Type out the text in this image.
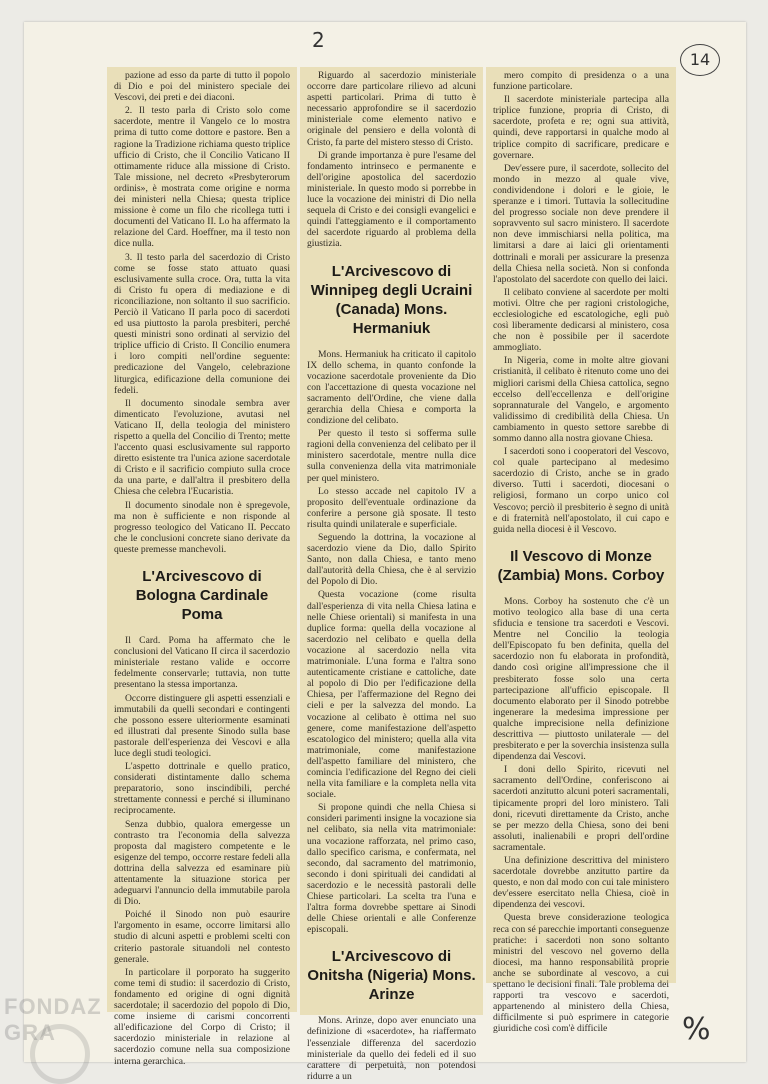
2
14
%

pazione ad esso da parte di tutto il popolo di Dio e poi del ministero speciale dei Vescovi, dei preti e dei diaconi.

2. Il testo parla di Cristo solo come sacerdote, mentre il Vangelo ce lo mostra prima di tutto come dottore e pastore. Ben a ragione la Tradizione richiama questo triplice ufficio di Cristo, che il Concilio Vaticano II ottimamente riduce alla missione di Cristo. Tale missione, nel decreto «Presbyterorum ordinis», è mostrata come origine e norma dei ministeri nella Chiesa; questa triplice missione è come un filo che ricollega tutti i documenti del Vaticano II. Lo ha affermato la relazione del Card. Hoeffner, ma il testo non dice nulla.

3. Il testo parla del sacerdozio di Cristo come se fosse stato attuato quasi esclusivamente sulla croce. Ora, tutta la vita di Cristo fu opera di mediazione e di riconciliazione, non soltanto il suo sacrificio. Perciò il Vaticano II parla poco di sacerdoti ed usa piuttosto la parola presbiteri, perché questi ministri sono ordinati al servizio del triplice ufficio di Cristo. Il Concilio enumera i loro compiti nell'ordine seguente: predicazione del Vangelo, celebrazione liturgica, edificazione della comunione dei fedeli.

Il documento sinodale sembra aver dimenticato l'evoluzione, avutasi nel Vaticano II, della teologia del ministero rispetto a quella del Concilio di Trento; mette l'accento quasi esclusivamente sul rapporto diretto esistente tra l'unica azione sacerdotale di Cristo e il sacrificio compiuto sulla croce da una parte, e dall'altra il presbitero della Chiesa che celebra l'Eucaristia.

Il documento sinodale non è spregevole, ma non è sufficiente e non risponde al progresso teologico del Vaticano II. Peccato che le conclusioni concrete siano derivate da queste premesse manchevoli.

L'Arcivescovo di Bologna Cardinale Poma

Il Card. Poma ha affermato che le conclusioni del Vaticano II circa il sacerdozio ministeriale restano valide e occorre fedelmente conservarle; tuttavia, non tutte presentano la stessa importanza.

Occorre distinguere gli aspetti essenziali e immutabili da quelli secondari e contingenti che possono essere ulteriormente esaminati ed illustrati dal presente Sinodo sulla base pastorale dell'esperienza dei Vescovi e alla luce degli studi teologici.

L'aspetto dottrinale e quello pratico, considerati distintamente dallo schema preparatorio, sono inscindibili, perché strettamente connessi e perché si illuminano reciprocamente.

Senza dubbio, qualora emergesse un contrasto tra l'economia della salvezza proposta dal magistero competente e le esigenze del tempo, occorre restare fedeli alla dottrina della salvezza ed esaminare più attentamente la situazione storica per adeguarvi l'annuncio della immutabile parola di Dio.

Poiché il Sinodo non può esaurire l'argomento in esame, occorre limitarsi allo studio di alcuni aspetti e problemi scelti con criterio pastorale situandoli nel contesto generale.

In particolare il porporato ha suggerito come temi di studio: il sacerdozio di Cristo, fondamento ed origine di ogni dignità sacerdotale; il sacerdozio del popolo di Dio, come insieme di carismi concorrenti all'edificazione del Corpo di Cristo; il sacerdozio ministeriale in relazione al sacerdozio comune nella sua composizione interna gerarchica.

Riguardo al sacerdozio ministeriale occorre dare particolare rilievo ad alcuni aspetti particolari. Prima di tutto è necessario approfondire se il sacerdozio ministeriale come elemento nativo e originale del pensiero e della volontà di Cristo, fa parte del mistero stesso di Cristo.

Di grande importanza è pure l'esame del fondamento intrinseco e permanente e dell'origine apostolica del sacerdozio ministeriale. In questo modo si porrebbe in luce la vocazione dei ministri di Dio nella sequela di Cristo e dei consigli evangelici e quindi l'atteggiamento e il comportamento del sacerdote riguardo al problema della giustizia.

L'Arcivescovo di Winnipeg degli Ucraini (Canada) Mons. Hermaniuk

Mons. Hermaniuk ha criticato il capitolo IX dello schema, in quanto confonde la vocazione sacerdotale proveniente da Dio con l'accettazione di questa vocazione nel sacramento dell'Ordine, che viene dalla gerarchia della Chiesa e comporta la condizione del celibato.

Per questo il testo si sofferma sulle ragioni della convenienza del celibato per il ministero sacerdotale, mentre nulla dice sulla convenienza della vita matrimoniale per quel ministero.

Lo stesso accade nel capitolo IV a proposito dell'eventuale ordinazione da conferire a persone già sposate. Il testo risulta quindi unilaterale e superficiale.

Seguendo la dottrina, la vocazione al sacerdozio viene da Dio, dallo Spirito Santo, non dalla Chiesa, e tanto meno dall'autorità della Chiesa, che è al servizio del Popolo di Dio.

Questa vocazione (come risulta dall'esperienza di vita nella Chiesa latina e nelle Chiese orientali) si manifesta in una duplice forma: quella della vocazione al sacerdozio nel celibato e quella della vocazione al sacerdozio nella vita matrimoniale. L'una forma e l'altra sono autenticamente cristiane e cattoliche, date al popolo di Dio per l'edificazione della Chiesa, per l'affermazione del Regno dei cieli e per la salvezza del mondo. La vocazione al celibato è ottima nel suo genere, come manifestazione dell'aspetto escatologico del ministero; quella alla vita matrimoniale, come manifestazione dell'aspetto familiare del ministero, che comincia l'edificazione del Regno dei cieli nella vita familiare e la completa nella vita sociale.

Si propone quindi che nella Chiesa si consideri parimenti insigne la vocazione sia nel celibato, sia nella vita matrimoniale: una vocazione rafforzata, nel primo caso, dallo specifico carisma, e confermata, nel secondo, dal sacramento del matrimonio, secondo i doni spirituali dei candidati al sacerdozio e le necessità pastorali delle Chiese particolari. La scelta tra l'una e l'altra forma dovrebbe spettare ai Sinodi delle Chiese orientali e alle Conferenze episcopali.

L'Arcivescovo di Onitsha (Nigeria) Mons. Arinze

Mons. Arinze, dopo aver enunciato una definizione di «sacerdote», ha riaffermato l'essenziale differenza del sacerdozio ministeriale da quello dei fedeli ed il suo carattere di perpetuità, non potendosi ridurre a un

mero compito di presidenza o a una funzione particolare.

Il sacerdote ministeriale partecipa alla triplice funzione, propria di Cristo, di sacerdote, profeta e re; ogni sua attività, quindi, deve rapportarsi in qualche modo al triplice compito di sacrificare, predicare e governare.

Dev'essere pure, il sacerdote, sollecito del mondo in mezzo al quale vive, condividendone i dolori e le gioie, le speranze e i timori. Tuttavia la sollecitudine del progresso sociale non deve prendere il sopravvento sul sacro ministero. Il sacerdote non deve immischiarsi nella politica, ma limitarsi a dare ai laici gli orientamenti dottrinali e morali per assicurare la presenza della Chiesa nella società. Non si confonda l'apostolato del sacerdote con quello dei laici.

Il celibato conviene al sacerdote per molti motivi. Oltre che per ragioni cristologiche, ecclesiologiche ed escatologiche, egli può così liberamente dedicarsi al ministero, cosa che non è possibile per il sacerdote ammogliato.

In Nigeria, come in molte altre giovani cristianità, il celibato è ritenuto come uno dei migliori carismi della Chiesa cattolica, segno eccelso dell'eccellenza e dell'origine soprannaturale del Vangelo, e argomento validissimo di credibilità della Chiesa. Un cambiamento in questo settore sarebbe di sommo danno alla nostra giovane Chiesa.

I sacerdoti sono i cooperatori del Vescovo, col quale partecipano al medesimo sacerdozio di Cristo, anche se in grado diverso. Tutti i sacerdoti, diocesani o religiosi, formano un corpo unico col Vescovo; perciò il presbiterio è segno di unità e di fraternità nell'apostolato, il cui capo e guida nella diocesi è il Vescovo.

Il Vescovo di Monze (Zambia) Mons. Corboy

Mons. Corboy ha sostenuto che c'è un motivo teologico alla base di una certa sfiducia e tensione tra sacerdoti e Vescovi. Mentre nel Concilio la teologia dell'Episcopato fu ben definita, quella del sacerdozio non fu elaborata in profondità, dando così origine all'impressione che il presbiterato fosse solo una certa partecipazione all'ufficio episcopale. Il documento elaborato per il Sinodo potrebbe ingenerare la medesima impressione per qualche imprecisione nella definizione descrittiva — piuttosto unilaterale — del presbiterato e per la soverchia insistenza sulla dipendenza dai Vescovi.

I doni dello Spirito, ricevuti nel sacramento dell'Ordine, conferiscono ai sacerdoti anzitutto alcuni poteri sacramentali, tipicamente propri del loro ministero. Tali doni, ricevuti direttamente da Cristo, anche se per mezzo della Chiesa, sono dei beni assoluti, inalienabili e propri dell'ordine sacramentale.

Una definizione descrittiva del ministero sacerdotale dovrebbe anzitutto partire da questo, e non dal modo con cui tale ministero dev'essere esercitato nella Chiesa, cioè in dipendenza dei vescovi.

Questa breve considerazione teologica reca con sé parecchie importanti conseguenze pratiche: i sacerdoti non sono soltanto ministri del vescovo nel governo della diocesi, ma hanno responsabilità proprie anche se subordinate al vescovo, a cui spettano le decisioni finali. Tale problema dei rapporti tra vescovo e sacerdoti, appartenendo al ministero della Chiesa, difficilmente si può esprimere in categorie giuridiche così com'è difficile

FONDAZ
GRA
